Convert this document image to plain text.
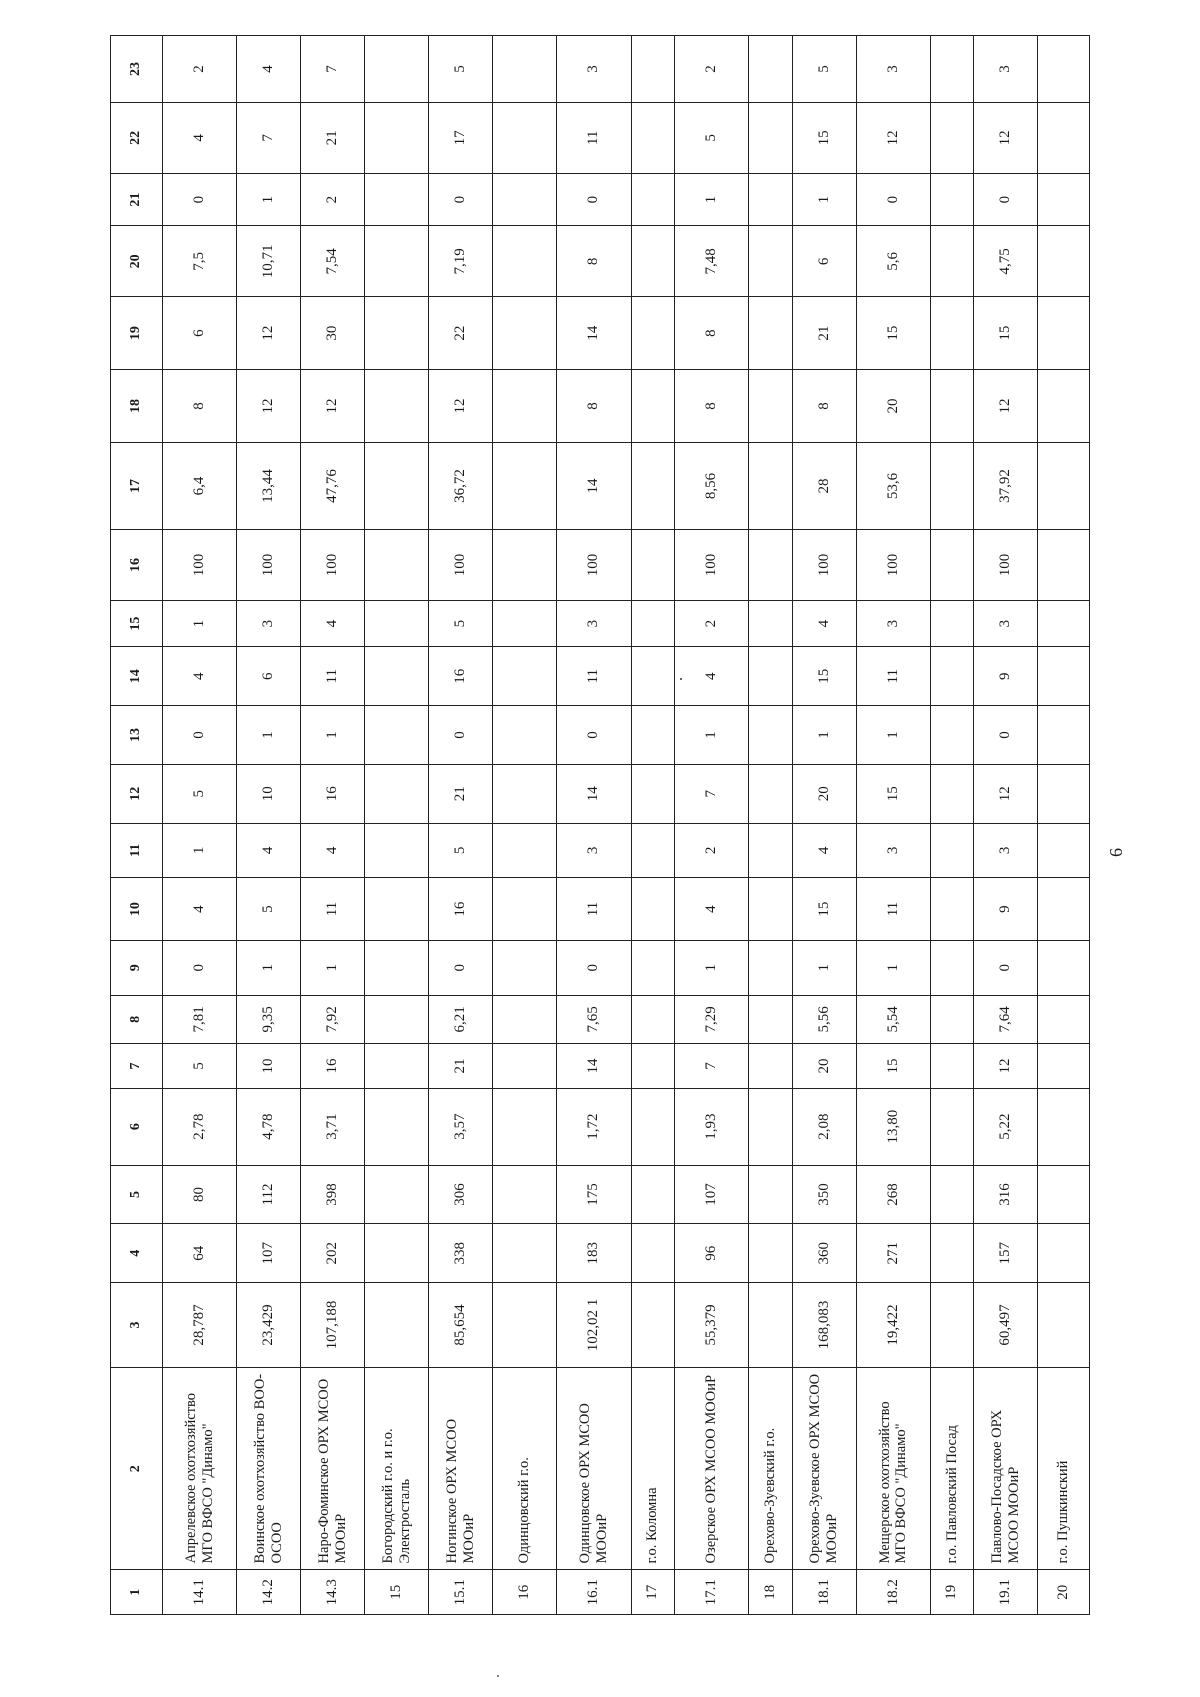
1	2	3	4	5	6	7	8	9	10	11	12	13	14	15	16	17	18	19	20	21	22	23
14.1	Апрелевское охотхозяйство МГО ВФСО "Динамо"	28,787	64	80	2,78	5	7,81	0	4	1	5	0	4	1	100	6,4	8	6	7,5	0	4	2
14.2	Воинское охотхозяйство ВОО-ОСОО	23,429	107	112	4,78	10	9,35	1	5	4	10	1	6	3	100	13,44	12	12	10,71	1	7	4
14.3	Наро-Фоминское ОРХ МСОО МООиР	107,188	202	398	3,71	16	7,92	1	11	4	16	1	11	4	100	47,76	12	30	7,54	2	21	7
15	Богородский г.о. и г.о. Электросталь																					
15.1	Ногинское ОРХ МСОО МООиР	85,654	338	306	3,57	21	6,21	0	16	5	21	0	16	5	100	36,72	12	22	7,19	0	17	5
16	Одинцовский г.о.																					
16.1	Одинцовское ОРХ МСОО МООиР	102,02 1	183	175	1,72	14	7,65	0	11	3	14	0	11	3	100	14	8	14	8	0	11	3
17	г.о. Коломна																					
17.1	Озерское ОРХ МСОО МООиР	55,379	96	107	1,93	7	7,29	1	4	2	7	1	4	2	100	8,56	8	8	7,48	1	5	2
18	Орехово-Зуевский г.о.																					
18.1	Орехово-Зуевское ОРХ МСОО МООиР	168,083	360	350	2,08	20	5,56	1	15	4	20	1	15	4	100	28	8	21	6	1	15	5
18.2	Мещерское охотхозяйство МГО ВФСО "Динамо"	19,422	271	268	13,80	15	5,54	1	11	3	15	1	11	3	100	53,6	20	15	5,6	0	12	3
19	г.о. Павловский Посад																					
19.1	Павлово-Посадское ОРХ МСОО МООиР	60,497	157	316	5,22	12	7,64	0	9	3	12	0	9	3	100	37,92	12	15	4,75	0	12	3
20	г.о. Пушкинский																					
6
